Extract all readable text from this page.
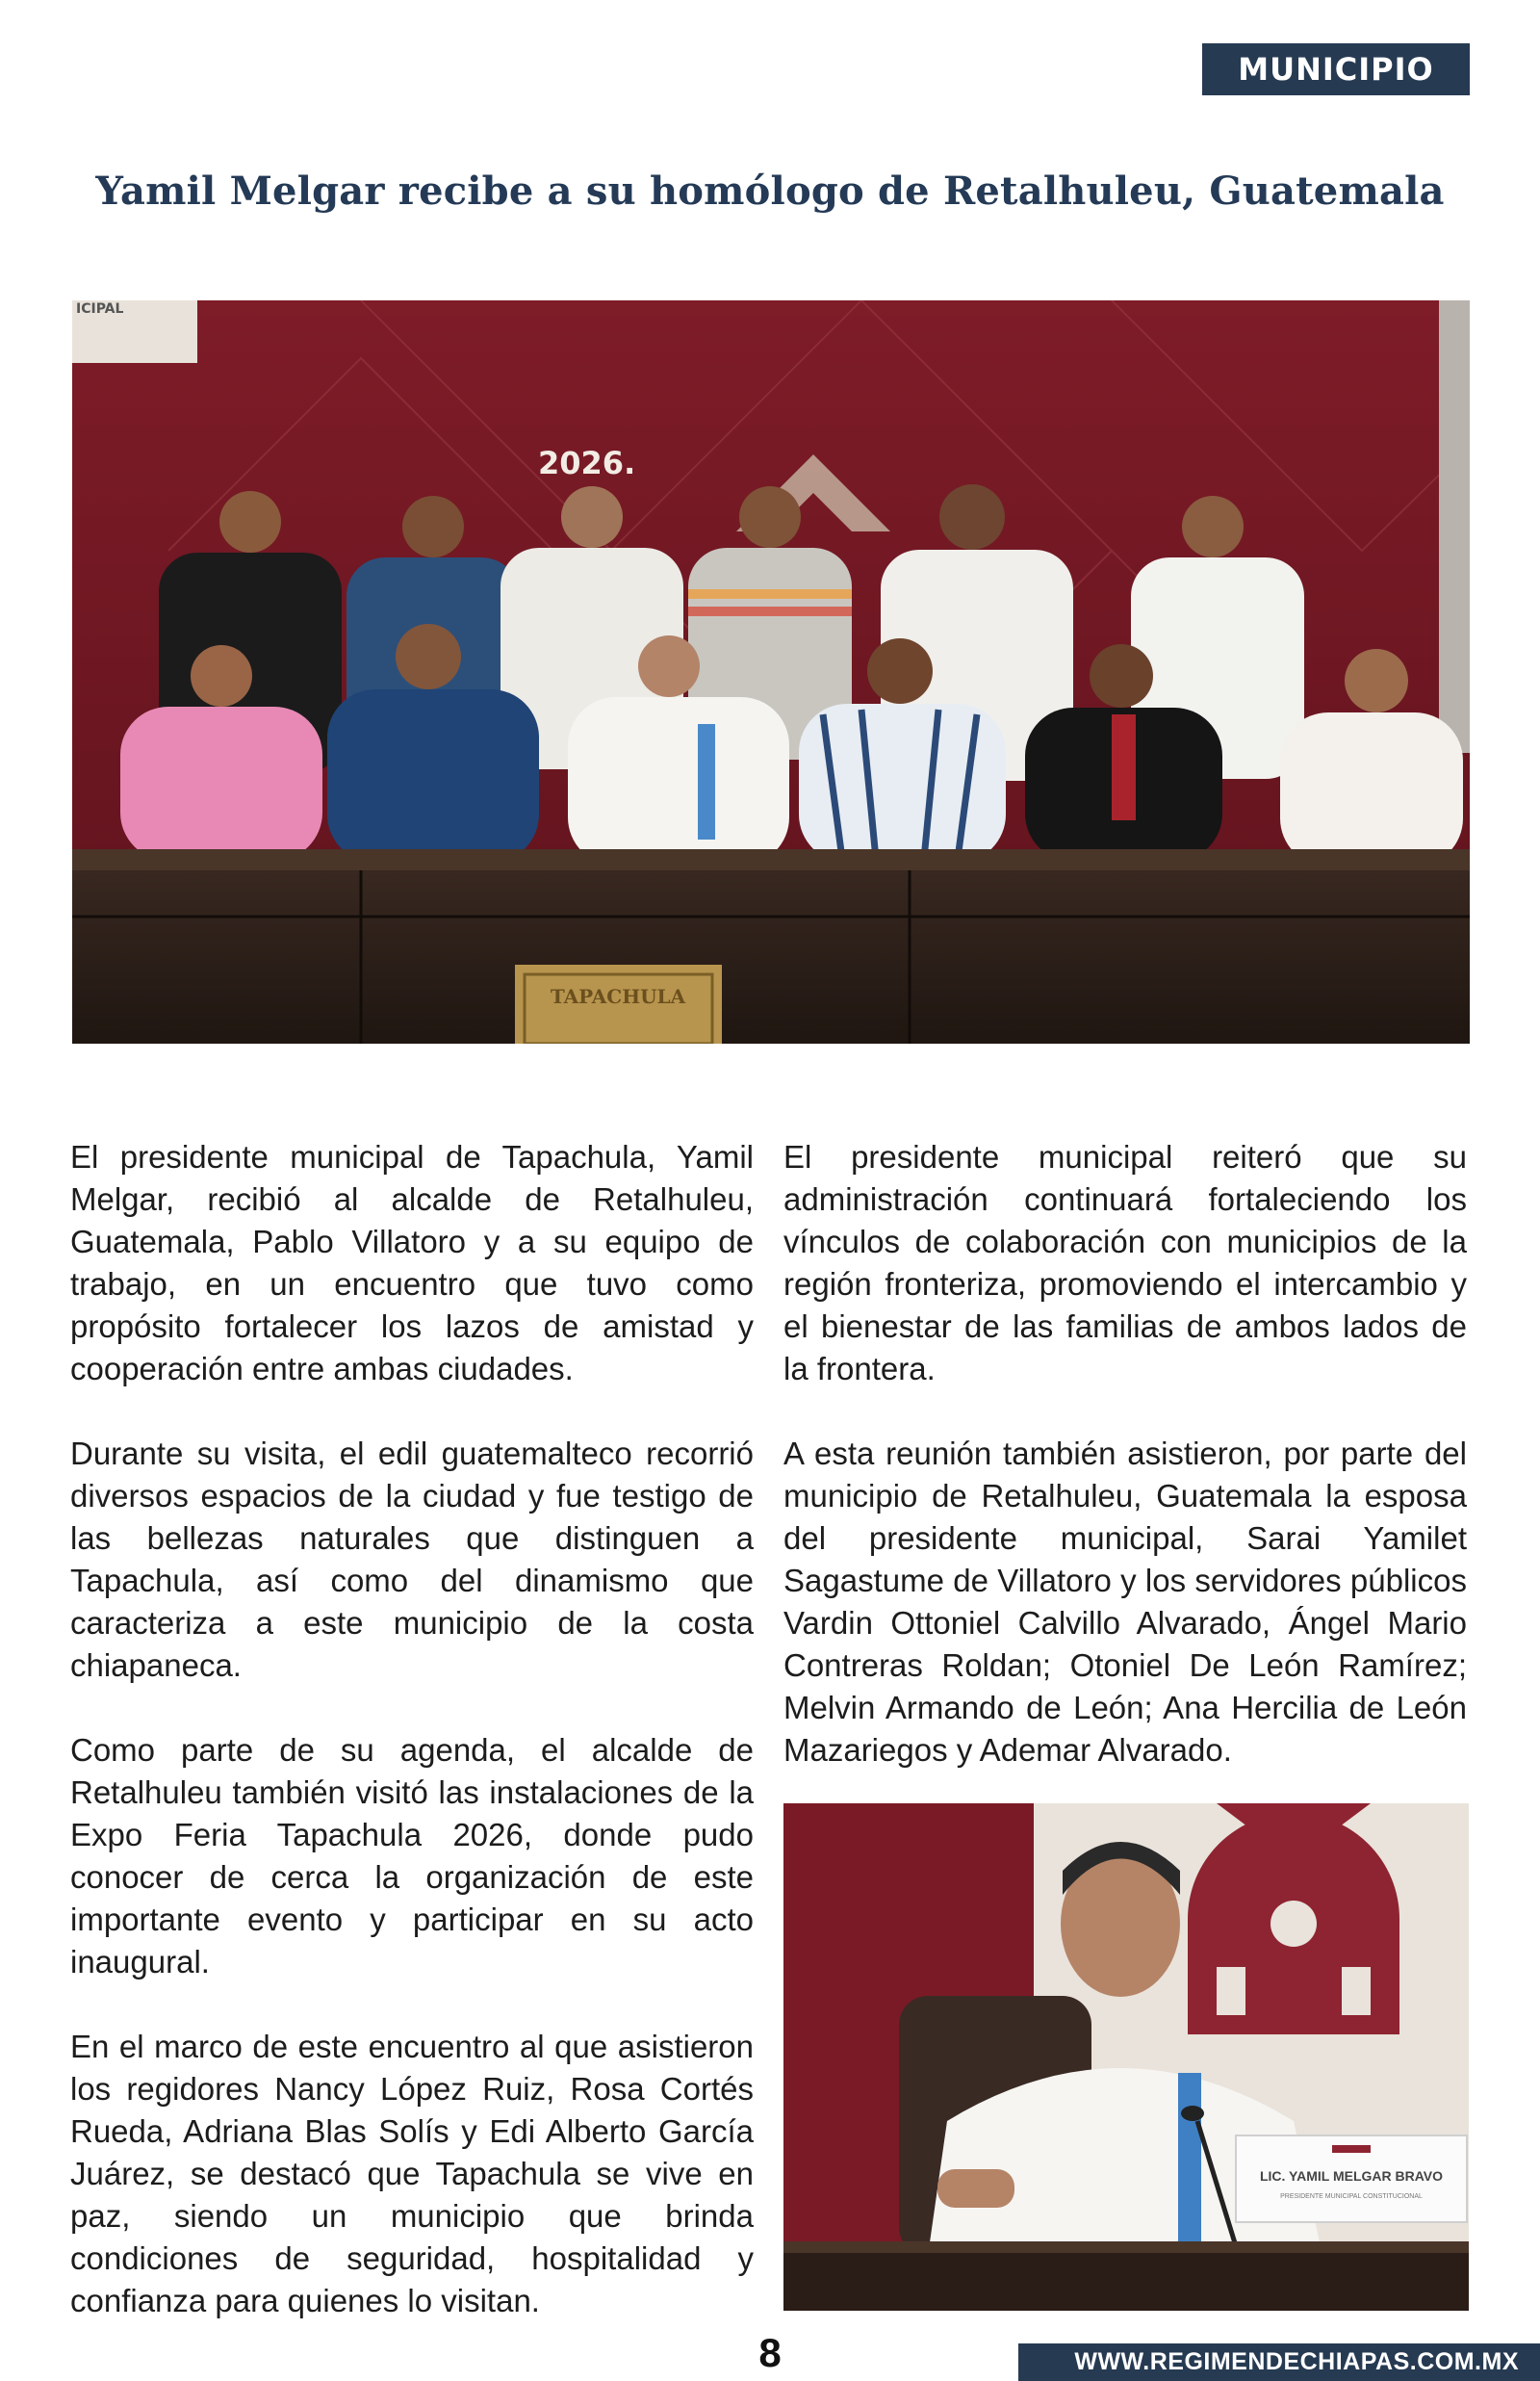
MUNICIPIO
Yamil Melgar recibe a su homólogo de Retalhuleu, Guatemala
ICIPAL
2026.
TAPACHULA

El presidente municipal de Tapachula, Yamil Melgar, recibió al alcalde de Retalhuleu, Guatemala, Pablo Villatoro y a su equipo de trabajo, en un encuentro que tuvo como propósito fortalecer los lazos de amistad y cooperación entre ambas ciudades.

Durante su visita, el edil guatemalteco recorrió diversos espacios de la ciudad y fue testigo de las bellezas naturales que distinguen a Tapachula, así como del dinamismo que caracteriza a este municipio de la costa chiapaneca.

Como parte de su agenda, el alcalde de Retalhuleu también visitó las instalaciones de la Expo Feria Tapachula 2026, donde pudo conocer de cerca la organización de este importante evento y participar en su acto inaugural.

En el marco de este encuentro al que asistieron los regidores Nancy López Ruiz, Rosa Cortés Rueda, Adriana Blas Solís y Edi Alberto García Juárez, se destacó que Tapachula se vive en paz, siendo un municipio que brinda condiciones de seguridad, hospitalidad y confianza para quienes lo visitan.

El presidente municipal reiteró que su administración continuará fortaleciendo los vínculos de colaboración con municipios de la región fronteriza, promoviendo el intercambio y el bienestar de las familias de ambos lados de la frontera.

A esta reunión también asistieron, por parte del municipio de Retalhuleu, Guatemala la esposa del presidente municipal, Sarai Yamilet Sagastume de Villatoro y los servidores públicos Vardin Ottoniel Calvillo Alvarado, Ángel Mario Contreras Roldan; Otoniel De León Ramírez; Melvin Armando de León; Ana Hercilia de León Mazariegos y Ademar Alvarado.

LIC. YAMIL MELGAR BRAVO
PRESIDENTE MUNICIPAL CONSTITUCIONAL
8	WWW.REGIMENDECHIAPAS.COM.MX
